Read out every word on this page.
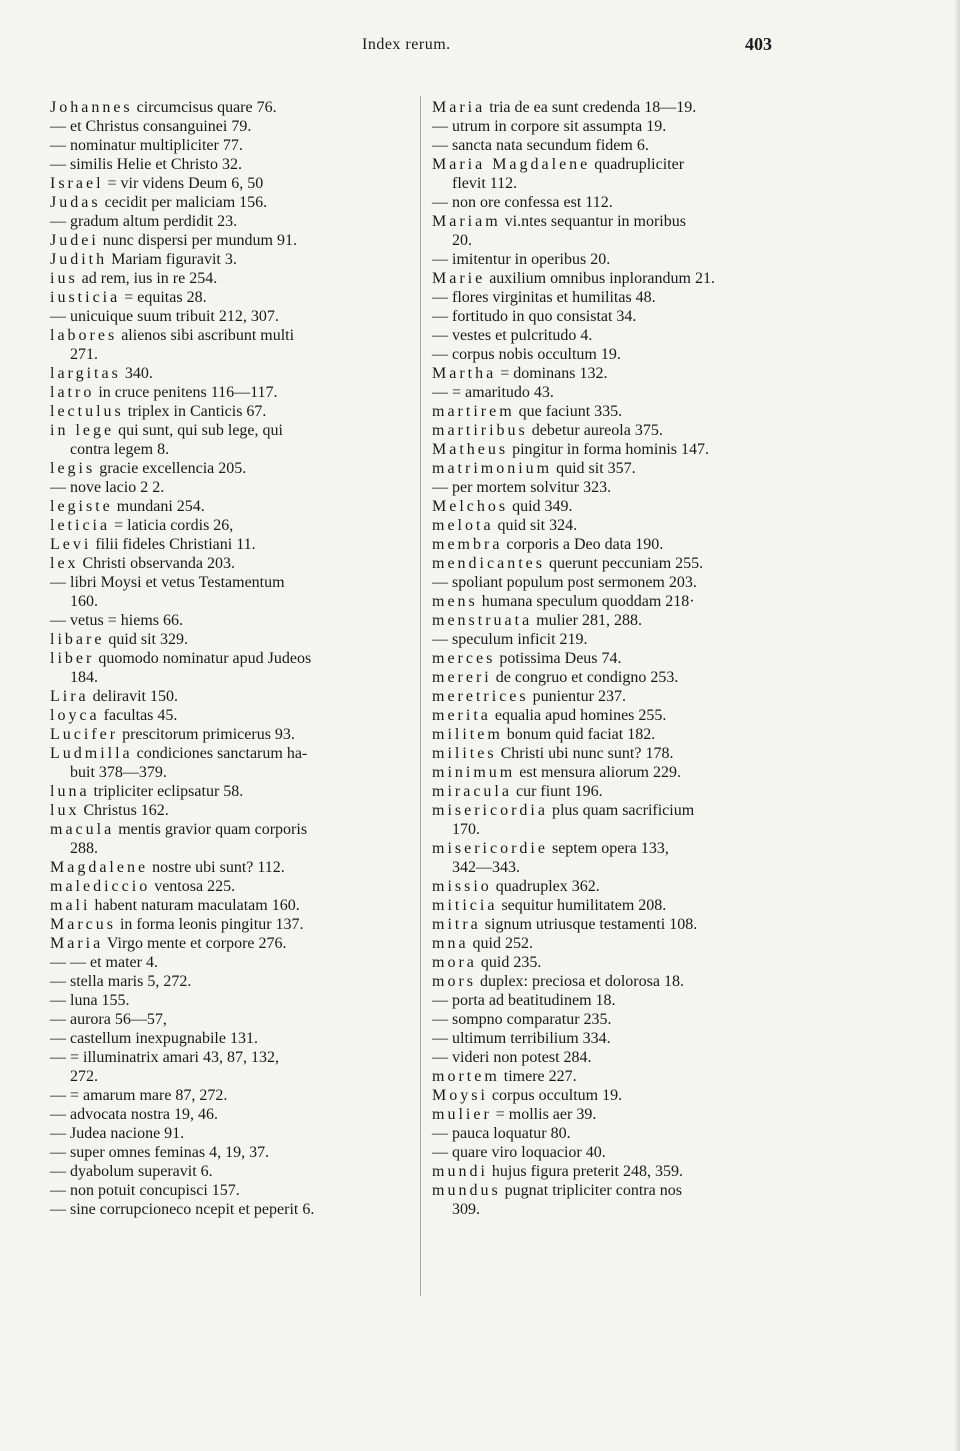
Index rerum.	403
Johannes circumcisus quare 76.
— et Christus consanguinei 79.
— nominatur multipliciter 77.
— similis Helie et Christo 32.
Israel = vir videns Deum 6, 50
Judas cecidit per maliciam 156.
— gradum altum perdidit 23.
Judei nunc dispersi per mundum 91.
Judith Mariam figuravit 3.
ius ad rem, ius in re 254.
iusticia = equitas 28.
— unicuique suum tribuit 212, 307.
labores alienos sibi ascribunt multi
271.
largitas 340.
latro in cruce penitens 116—117.
lectulus triplex in Canticis 67.
in lege qui sunt, qui sub lege, qui
contra legem 8.
legis gracie excellencia 205.
— nove lacio 2 2.
legiste mundani 254.
leticia = laticia cordis 26,
Levi filii fideles Christiani 11.
lex Christi observanda 203.
— libri Moysi et vetus Testamentum
160.
— vetus = hiems 66.
libare quid sit 329.
liber quomodo nominatur apud Judeos
184.
Lira deliravit 150.
loyca facultas 45.
Lucifer prescitorum primicerus 93.
Ludmilla condiciones sanctarum ha-
buit 378—379.
luna tripliciter eclipsatur 58.
lux Christus 162.
macula mentis gravior quam corporis
288.
Magdalene nostre ubi sunt? 112.
malediccio ventosa 225.
mali habent naturam maculatam 160.
Marcus in forma leonis pingitur 137.
Maria Virgo mente et corpore 276.
— — et mater 4.
— stella maris 5, 272.
— luna 155.
— aurora 56—57,
— castellum inexpugnabile 131.
— = illuminatrix amari 43, 87, 132,
272.
— = amarum mare 87, 272.
— advocata nostra 19, 46.
— Judea nacione 91.
— super omnes feminas 4, 19, 37.
— dyabolum superavit 6.
— non potuit concupisci 157.
— sine corrupcioneco ncepit et peperit 6.
Maria tria de ea sunt credenda 18—19.
— utrum in corpore sit assumpta 19.
— sancta nata secundum fidem 6.
Maria Magdalene quadrupliciter
flevit 112.
— non ore confessa est 112.
Mariam vi.ntes sequantur in moribus
20.
— imitentur in operibus 20.
Marie auxilium omnibus inplorandum 21.
— flores virginitas et humilitas 48.
— fortitudo in quo consistat 34.
— vestes et pulcritudo 4.
— corpus nobis occultum 19.
Martha = dominans 132.
— = amaritudo 43.
martirem que faciunt 335.
martiribus debetur aureola 375.
Matheus pingitur in forma hominis 147.
matrimonium quid sit 357.
— per mortem solvitur 323.
Melchos quid 349.
melota quid sit 324.
membra corporis a Deo data 190.
mendicantes querunt peccuniam 255.
— spoliant populum post sermonem 203.
mens humana speculum quoddam 218·
menstruata mulier 281, 288.
— speculum inficit 219.
merces potissima Deus 74.
mereri de congruo et condigno 253.
meretrices punientur 237.
merita equalia apud homines 255.
militem bonum quid faciat 182.
milites Christi ubi nunc sunt? 178.
minimum est mensura aliorum 229.
miracula cur fiunt 196.
misericordia plus quam sacrificium
170.
misericordie septem opera 133,
342—343.
missio quadruplex 362.
miticia sequitur humilitatem 208.
mitra signum utriusque testamenti 108.
mna quid 252.
mora quid 235.
mors duplex: preciosa et dolorosa 18.
— porta ad beatitudinem 18.
— sompno comparatur 235.
— ultimum terribilium 334.
— videri non potest 284.
mortem timere 227.
Moysi corpus occultum 19.
mulier = mollis aer 39.
— pauca loquatur 80.
— quare viro loquacior 40.
mundi hujus figura preterit 248, 359.
mundus pugnat tripliciter contra nos
309.
